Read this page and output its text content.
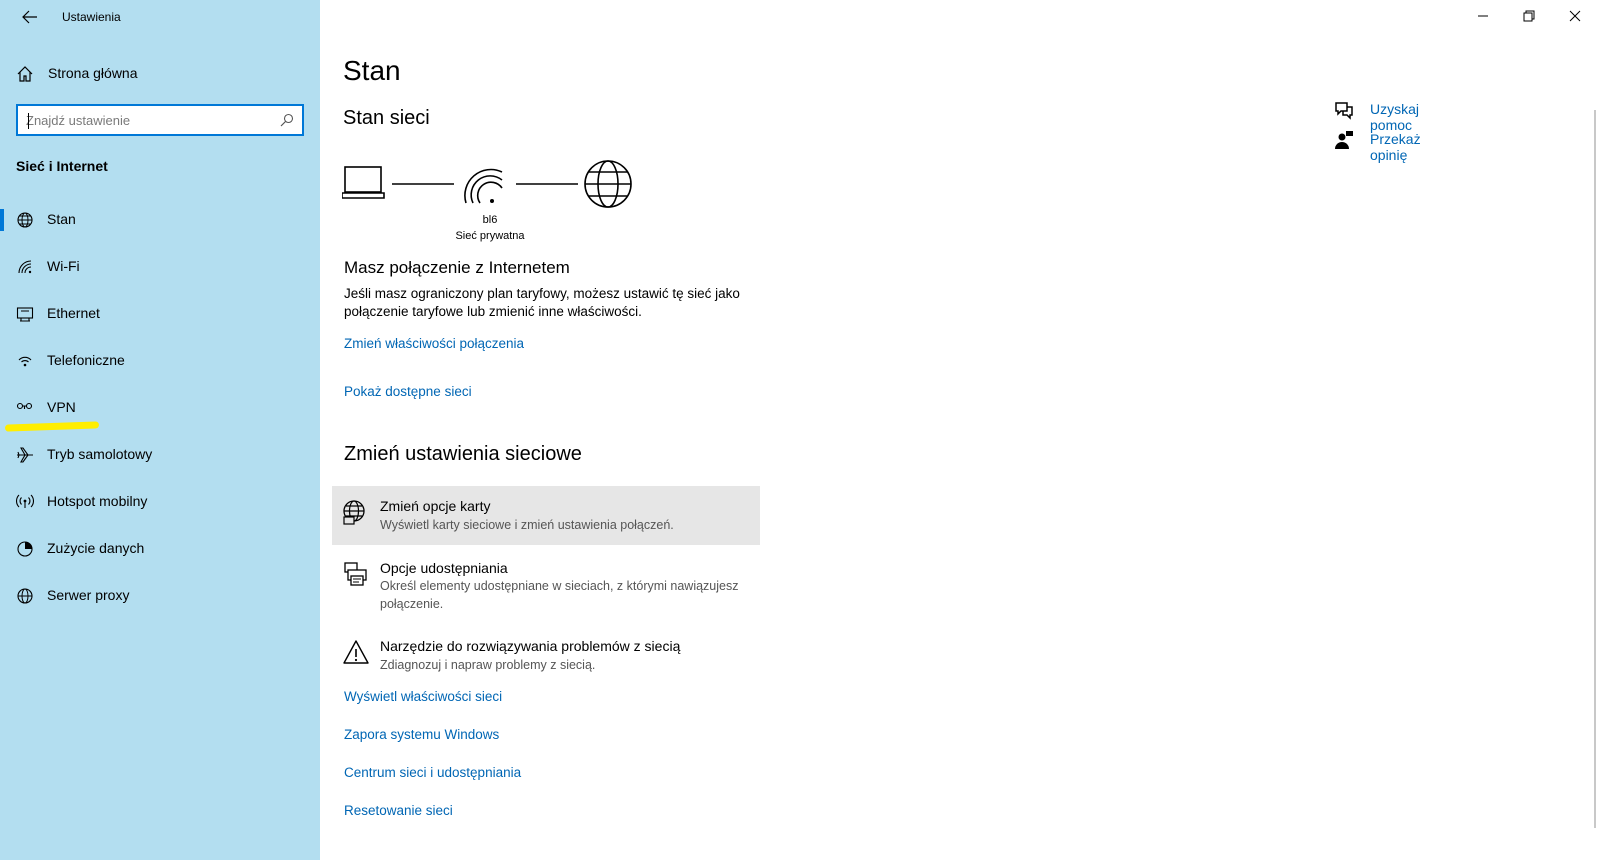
Ustawienia
Strona główna
Znajdź ustawienie
Sieć i Internet
Stan
Wi-Fi
Ethernet
Telefoniczne
VPN
Tryb samolotowy
Hotspot mobilny
Zużycie danych
Serwer proxy
Stan
Stan sieci
bl6
Sieć prywatna
Masz połączenie z Internetem
Jeśli masz ograniczony plan taryfowy, możesz ustawić tę sieć jako połączenie taryfowe lub zmienić inne właściwości.
Zmień właściwości połączenia
Pokaż dostępne sieci
Zmień ustawienia sieciowe
Zmień opcje karty
Wyświetl karty sieciowe i zmień ustawienia połączeń.
Opcje udostępniania
Określ elementy udostępniane w sieciach, z którymi nawiązujesz połączenie.
Narzędzie do rozwiązywania problemów z siecią
Zdiagnozuj i napraw problemy z siecią.
Wyświetl właściwości sieci
Zapora systemu Windows
Centrum sieci i udostępniania
Resetowanie sieci
Uzyskaj pomoc
Przekaż opinię
